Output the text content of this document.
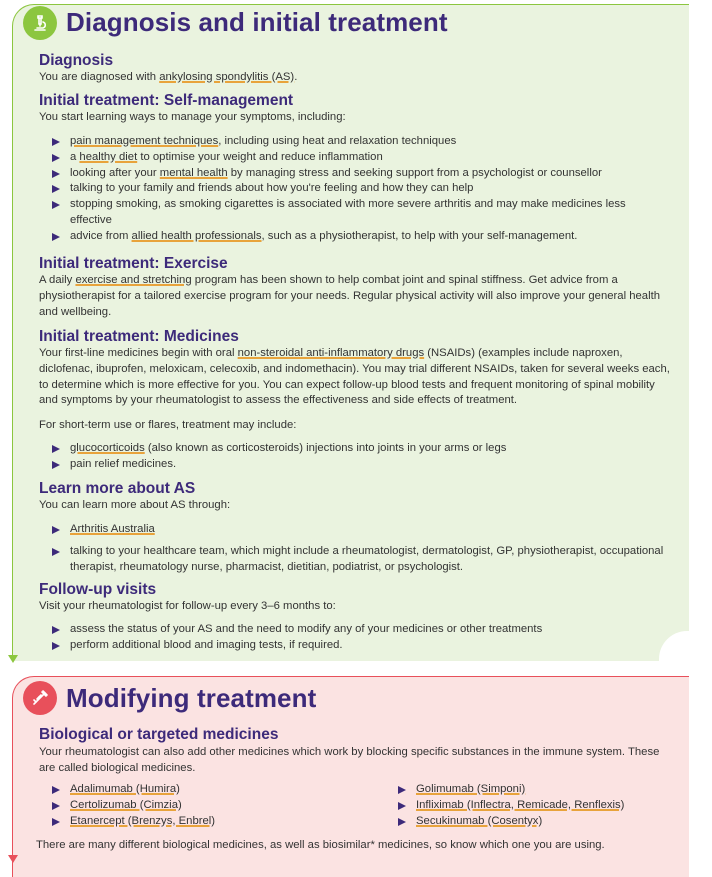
Diagnosis and initial treatment
Diagnosis

You are diagnosed with ankylosing spondylitis (AS).

Initial treatment: Self-management

You start learning ways to manage your symptoms, including:

pain management techniques, including using heat and relaxation techniques
a healthy diet to optimise your weight and reduce inflammation
looking after your mental health by managing stress and seeking support from a psychologist or counsellor
talking to your family and friends about how you're feeling and how they can help
stopping smoking, as smoking cigarettes is associated with more severe arthritis and may make medicines less effective
advice from allied health professionals, such as a physiotherapist, to help with your self-management.
Initial treatment: Exercise

A daily exercise and stretching program has been shown to help combat joint and spinal stiffness. Get advice from a physiotherapist for a tailored exercise program for your needs. Regular physical activity will also improve your general health and wellbeing.

Initial treatment: Medicines

Your first-line medicines begin with oral non-steroidal anti-inflammatory drugs (NSAIDs) (examples include naproxen, diclofenac, ibuprofen, meloxicam, celecoxib, and indomethacin). You may trial different NSAIDs, taken for several weeks each, to determine which is more effective for you. You can expect follow-up blood tests and frequent monitoring of spinal mobility and symptoms by your rheumatologist to assess the effectiveness and side effects of treatment.

For short-term use or flares, treatment may include:

glucocorticoids (also known as corticosteroids) injections into joints in your arms or legs
pain relief medicines.
Learn more about AS

You can learn more about AS through:

Arthritis Australia
talking to your healthcare team, which might include a rheumatologist, dermatologist, GP, physiotherapist, occupational therapist, rheumatology nurse, pharmacist, dietitian, podiatrist, or psychologist.
Follow-up visits

Visit your rheumatologist for follow-up every 3–6 months to:

assess the status of your AS and the need to modify any of your medicines or other treatments
perform additional blood and imaging tests, if required.
Modifying treatment
Biological or targeted medicines

Your rheumatologist can also add other medicines which work by blocking specific substances in the immune system. These are called biological medicines.

Adalimumab (Humira)
Certolizumab (Cimzia)
Etanercept (Brenzys, Enbrel)
Golimumab (Simponi)
Infliximab (Inflectra, Remicade, Renflexis)
Secukinumab (Cosentyx)

There are many different biological medicines, as well as biosimilar* medicines, so know which one you are using.
